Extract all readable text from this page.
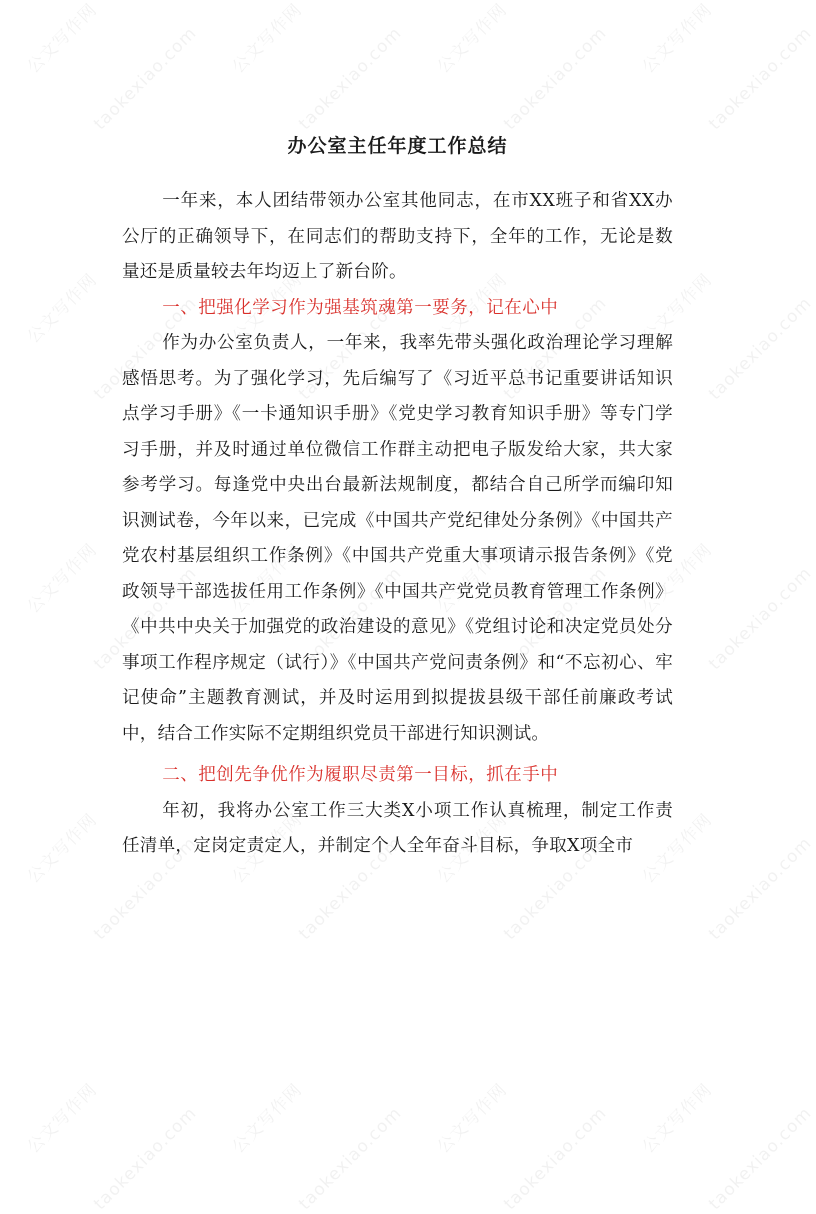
公文写作网
taokexiao.com 公文写作网
taokexiao.com 公文写作网
taokexiao.com 公文写作网
taokexiao.com
公文写作网
taokexiao.com 公文写作网
taokexiao.com 公文写作网
taokexiao.com 公文写作网
taokexiao.com
公文写作网
taokexiao.com 公文写作网
taokexiao.com 公文写作网
taokexiao.com 公文写作网
taokexiao.com
公文写作网
taokexiao.com 公文写作网
taokexiao.com 公文写作网
taokexiao.com 公文写作网
taokexiao.com
公文写作网
taokexiao.com 公文写作网
taokexiao.com 公文写作网
taokexiao.com 公文写作网
taokexiao.com
办公室主任年度工作总结

一年来，本人团结带领办公室其他同志，在市XX班子和省XX办公厅的正确领导下，在同志们的帮助支持下，全年的工作，无论是数量还是质量较去年均迈上了新台阶。

一、把强化学习作为强基筑魂第一要务，记在心中

作为办公室负责人，一年来，我率先带头强化政治理论学习理解感悟思考。为了强化学习，先后编写了《习近平总书记重要讲话知识点学习手册》《一卡通知识手册》《党史学习教育知识手册》等专门学习手册，并及时通过单位微信工作群主动把电子版发给大家，共大家参考学习。每逢党中央出台最新法规制度，都结合自己所学而编印知识测试卷，今年以来，已完成《中国共产党纪律处分条例》《中国共产党农村基层组织工作条例》《中国共产党重大事项请示报告条例》《党政领导干部选拔任用工作条例》《中国共产党党员教育管理工作条例》《中共中央关于加强党的政治建设的意见》《党组讨论和决定党员处分事项工作程序规定（试行）》《中国共产党问责条例》和“不忘初心、牢记使命”主题教育测试，并及时运用到拟提拔县级干部任前廉政考试中，结合工作实际不定期组织党员干部进行知识测试。

二、把创先争优作为履职尽责第一目标，抓在手中

年初，我将办公室工作三大类X小项工作认真梳理，制定工作责任清单，定岗定责定人，并制定个人全年奋斗目标，争取X项全市
